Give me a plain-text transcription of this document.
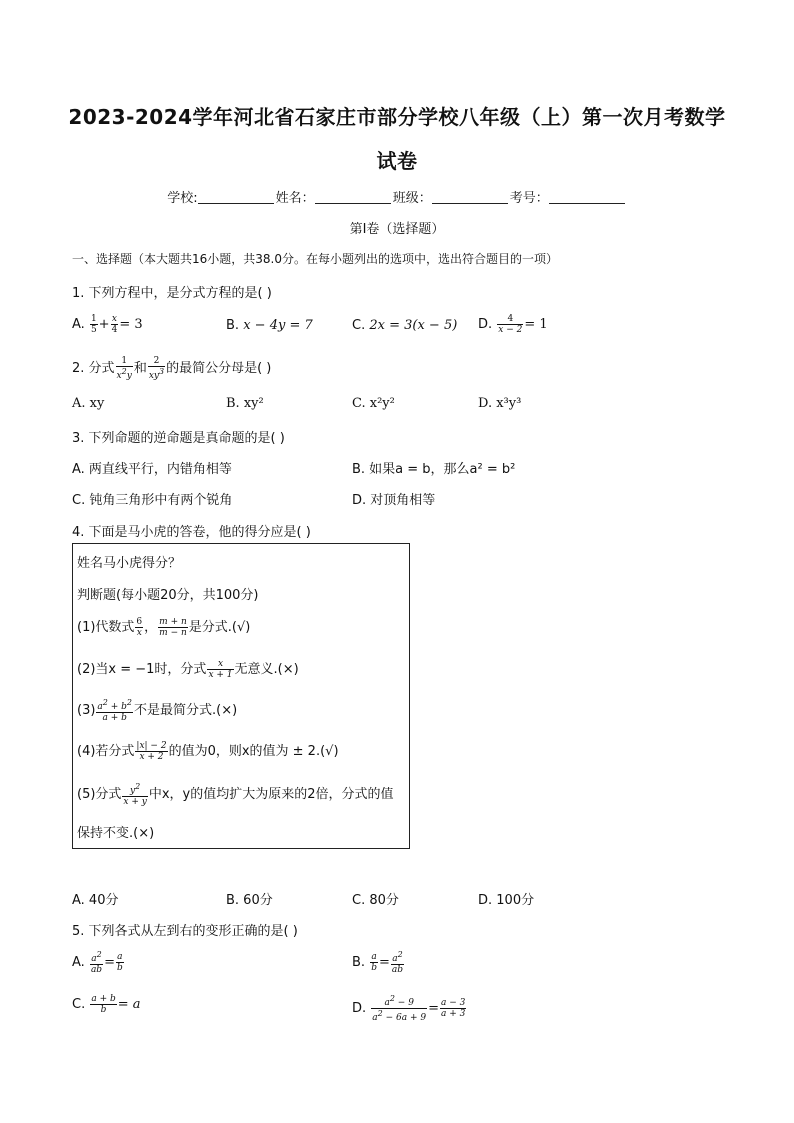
2023-2024学年河北省石家庄市部分学校八年级（上）第一次月考数学
试卷
学校:	姓名：	班级：	考号：
第Ⅰ卷（选择题）
一、选择题（本大题共16小题，共38.0分。在每小题列出的选项中，选出符合题目的一项）
1. 下列方程中，是分式方程的是( )
A. $\frac{1}{5} + \frac{x}{4} = 3$	B. x − 4y = 7	C. 2x = 3(x − 5) D. $\frac{4}{x - 2} = 1$
2. 分式 $\frac{1}{x^2y}$ 和 $\frac{2}{xy^3}$ 的最简公分母是( )
A. xy	B. xy²	C. x²y²	D. x³y³
3. 下列命题的逆命题是真命题的是( )
A. 两直线平行，内错角相等	B. 如果a = b，那么a² = b²
C. 钝角三角形中有两个锐角	D. 对顶角相等
4. 下面是马小虎的答卷，他的得分应是( )
姓名马小虎得分？
判断题(每小题20分，共100分)
(1)代数式 $\frac{6}{x}$ ， $\frac{m + n}{m - n}$ 是分式.(√)
(2)当x = −1时，分式 $\frac{x}{x + 1}$ 无意义.(×)
$(3) \frac{a^2 + b^2}{a + b}$ 不是最简分式.(×)
(4)若分式 $\frac{|x| - 2}{x + 2}$ 的值为0，则x的值为 ± 2.(√)
(5)分式 $\frac{y^2}{x + y}$ 中x，y的值均扩大为原来的2倍，分式的值
保持不变.(×)
A. 40分	B. 60分	C. 80分	D. 100分
5. 下列各式从左到右的变形正确的是( )
A. $\frac{a^2}{ab} = \frac{a}{b}$	B. $\frac{a}{b} = \frac{a^2}{ab}$
C. $\frac{a + b}{b} = a$	D. $\frac{a^2 - 9}{a^2 - 6a + 9} = \frac{a - 3}{a + 3}$
